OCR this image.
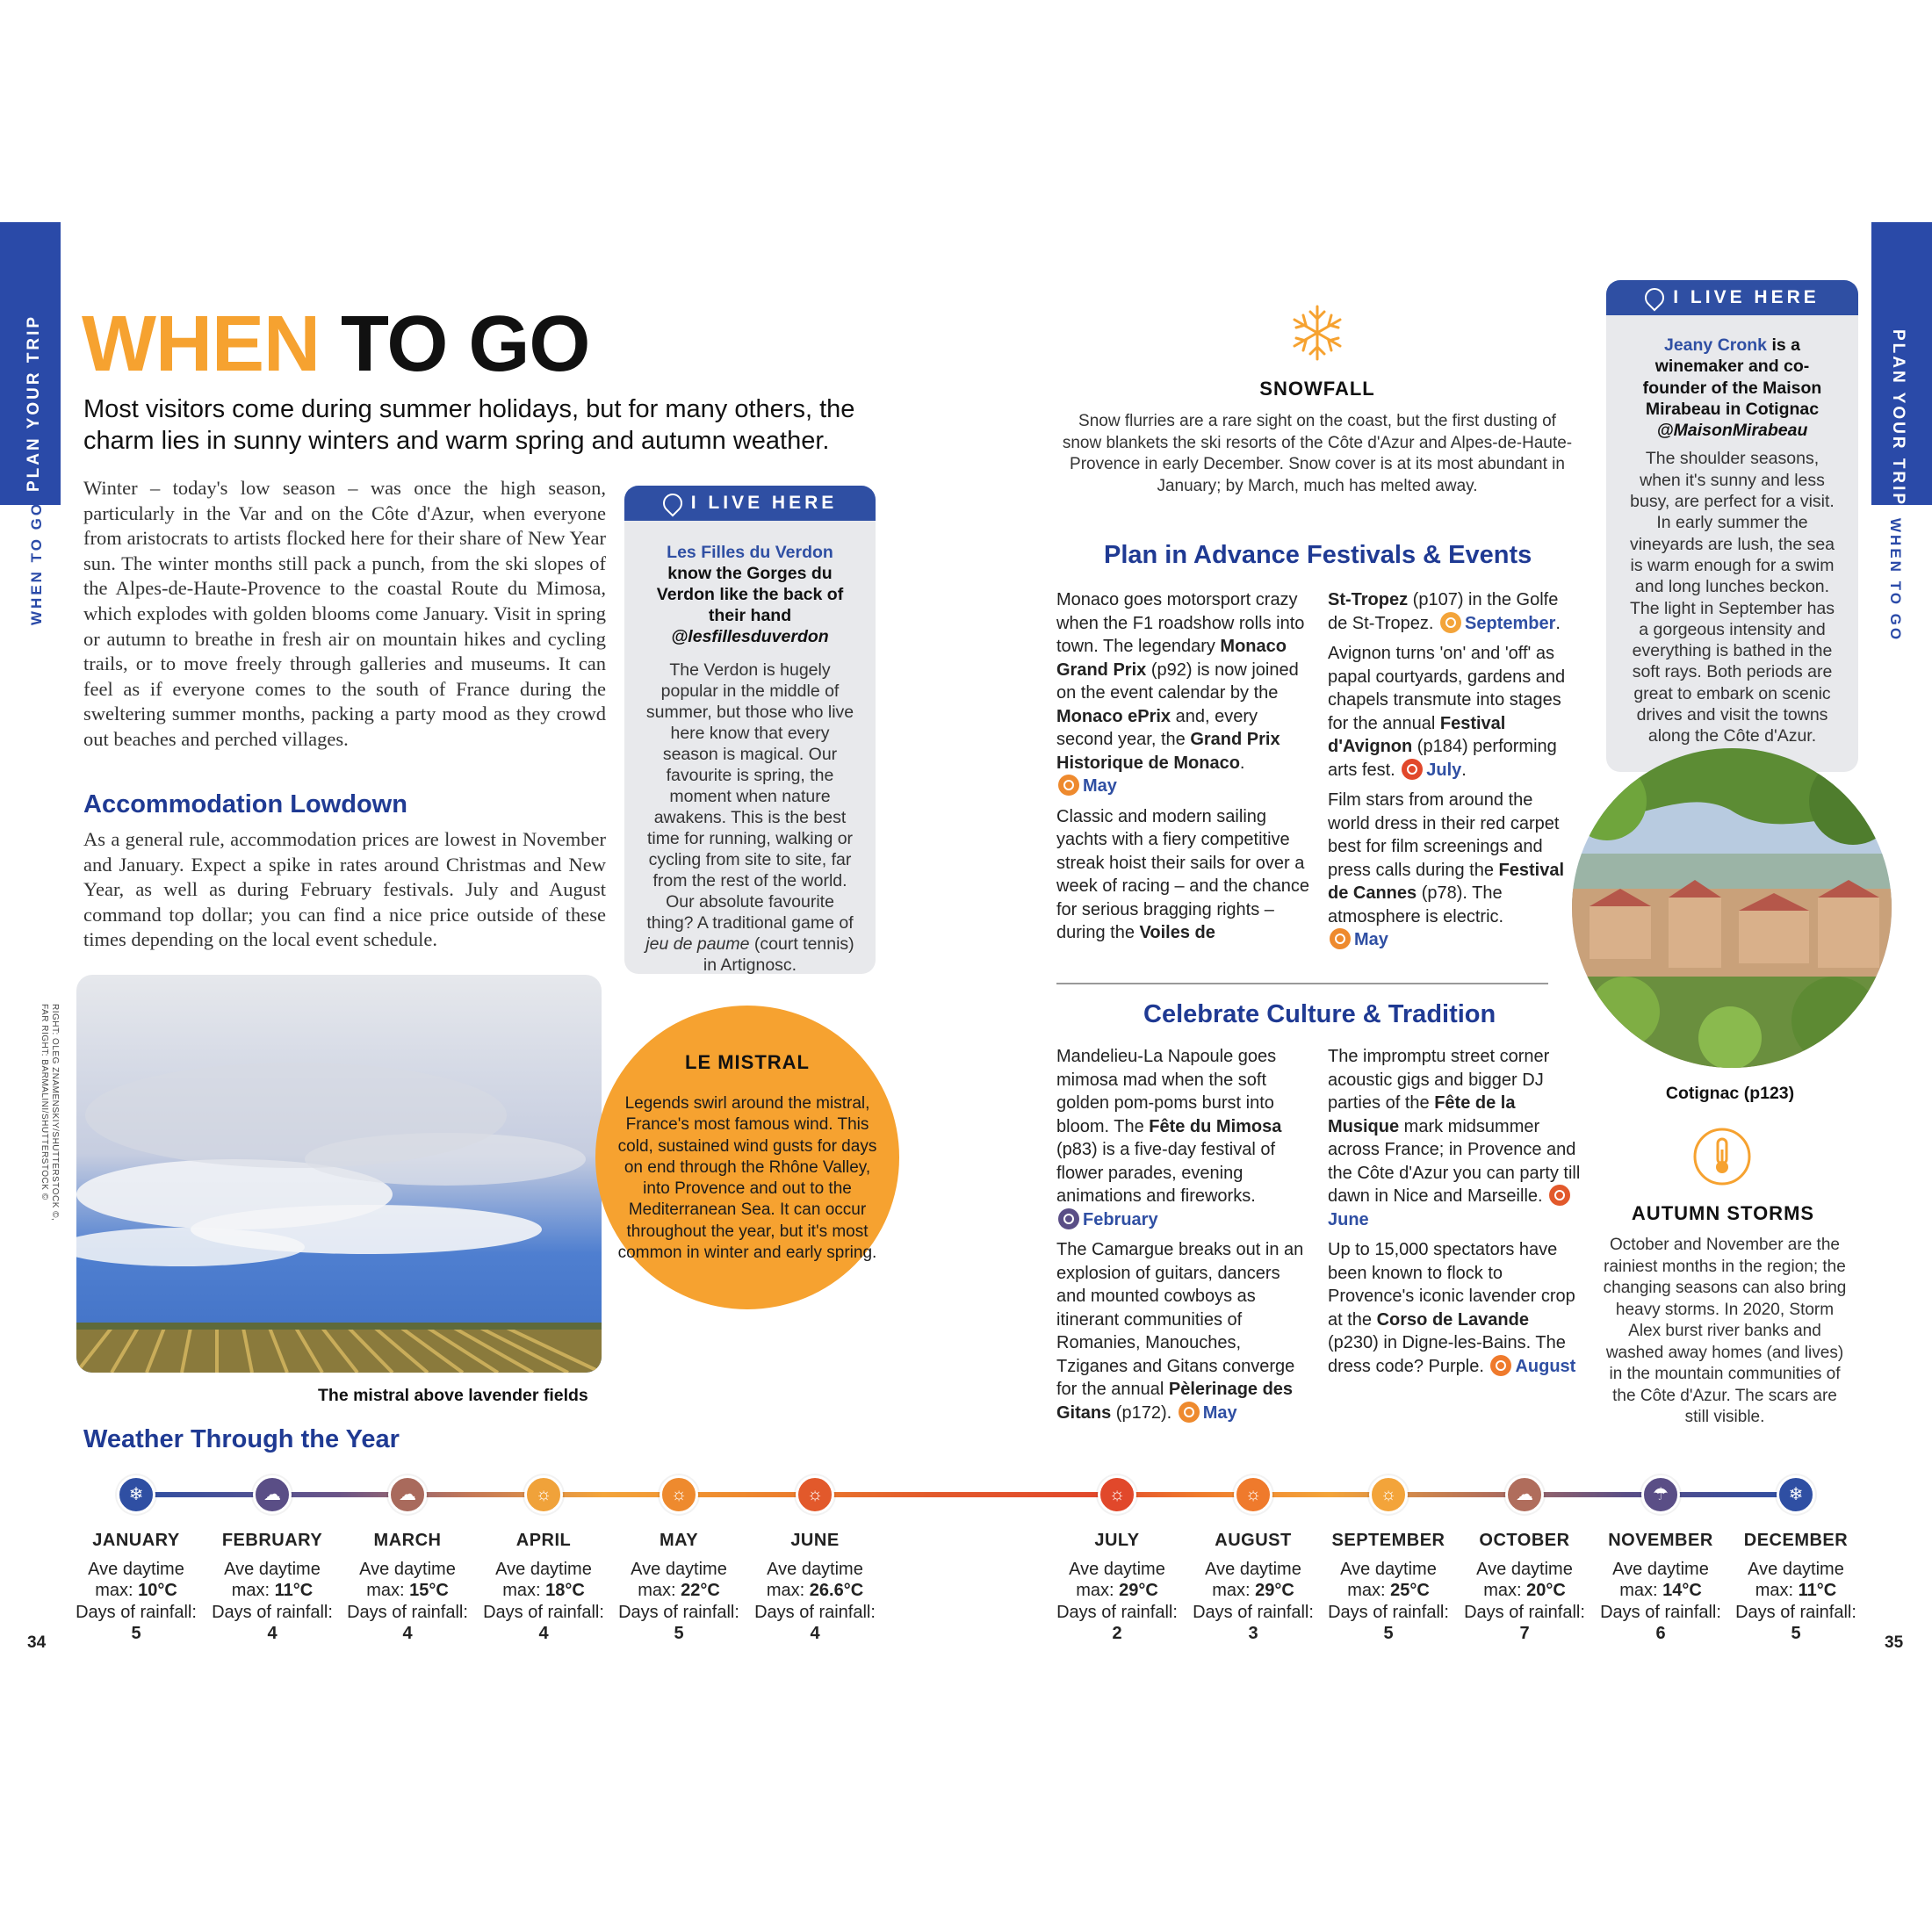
PLAN YOUR TRIP
WHEN TO GO
PLAN YOUR TRIP
WHEN TO GO
WHEN TO GO
Most visitors come during summer holidays, but for many others, the charm lies in sunny winters and warm spring and autumn weather.
Winter – today's low season – was once the high season, particularly in the Var and on the Côte d'Azur, when everyone from aristocrats to artists flocked here for their share of New Year sun. The winter months still pack a punch, from the ski slopes of the Alpes-de-Haute-Provence to the coastal Route du Mimosa, which explodes with golden blooms come January. Visit in spring or autumn to breathe in fresh air on mountain hikes and cycling trails, or to move freely through galleries and museums. It can feel as if everyone comes to the south of France during the sweltering summer months, packing a party mood as they crowd out beaches and perched villages.
Accommodation Lowdown
As a general rule, accommodation prices are lowest in November and January. Expect a spike in rates around Christmas and New Year, as well as during February festivals. July and August command top dollar; you can find a nice price outside of these times depending on the local event schedule.
I LIVE HERE
Les Filles du Verdon know the Gorges du Verdon like the back of their hand
@lesfillesduverdon
The Verdon is hugely popular in the middle of summer, but those who live here know that every season is magical. Our favourite is spring, the moment when nature awakens. This is the best time for running, walking or cycling from site to site, far from the rest of the world. Our absolute favourite thing? A traditional game of jeu de paume (court tennis) in Artignosc.
RIGHT: OLEG ZNAMENSKIY/SHUTTERSTOCK ©, FAR RIGHT: BARMALINI/SHUTTERSTOCK ©
The mistral above lavender fields
LE MISTRAL
Legends swirl around the mistral, France's most famous wind. This cold, sustained wind gusts for days on end through the Rhône Valley, into Provence and out to the Mediterranean Sea. It can occur throughout the year, but it's most common in winter and early spring.
SNOWFALL
Snow flurries are a rare sight on the coast, but the first dusting of snow blankets the ski resorts of the Côte d'Azur and Alpes-de-Haute-Provence in early December. Snow cover is at its most abundant in January; by March, much has melted away.
Plan in Advance Festivals & Events
Monaco goes motorsport crazy when the F1 roadshow rolls into town. The legendary Monaco Grand Prix (p92) is now joined on the event calendar by the Monaco ePrix and, every second year, the Grand Prix Historique de Monaco.
May
Classic and modern sailing yachts with a fiery competitive streak hoist their sails for over a week of racing – and the chance for serious bragging rights – during the Voiles de
St-Tropez (p107) in the Golfe de St-Tropez. September.
Avignon turns 'on' and 'off' as papal courtyards, gardens and chapels transmute into stages for the annual Festival d'Avignon (p184) performing arts fest. July.
Film stars from around the world dress in their red carpet best for film screenings and press calls during the Festival de Cannes (p78). The atmosphere is electric.
May
Celebrate Culture & Tradition
Mandelieu-La Napoule goes mimosa mad when the soft golden pom-poms burst into bloom. The Fête du Mimosa (p83) is a five-day festival of flower parades, evening animations and fireworks.
February
The Camargue breaks out in an explosion of guitars, dancers and mounted cowboys as itinerant communities of Romanies, Manouches, Tziganes and Gitans converge for the annual Pèlerinage des Gitans (p172). May
The impromptu street corner acoustic gigs and bigger DJ parties of the Fête de la Musique mark midsummer across France; in Provence and the Côte d'Azur you can party till dawn in Nice and Marseille. June
Up to 15,000 spectators have been known to flock to Provence's iconic lavender crop at the Corso de Lavande (p230) in Digne-les-Bains. The dress code? Purple. August
I LIVE HERE
Jeany Cronk is a winemaker and co-founder of the Maison Mirabeau in Cotignac
@MaisonMirabeau
The shoulder seasons, when it's sunny and less busy, are perfect for a visit. In early summer the vineyards are lush, the sea is warm enough for a swim and long lunches beckon. The light in September has a gorgeous intensity and everything is bathed in the soft rays. Both periods are great to embark on scenic drives and visit the towns along the Côte d'Azur.
Cotignac (p123)
AUTUMN STORMS
October and November are the rainiest months in the region; the changing seasons can also bring heavy storms. In 2020, Storm Alex burst river banks and washed away homes (and lives) in the mountain communities of the Côte d'Azur. The scars are still visible.
Weather Through the Year
❄
JANUARY
Ave daytime
max: 10°C
Days of rainfall:
5
☁
FEBRUARY
Ave daytime
max: 11°C
Days of rainfall:
4
☁
MARCH
Ave daytime
max: 15°C
Days of rainfall:
4
☼
APRIL
Ave daytime
max: 18°C
Days of rainfall:
4
☼
MAY
Ave daytime
max: 22°C
Days of rainfall:
5
☼
JUNE
Ave daytime
max: 26.6°C
Days of rainfall:
4
☼
JULY
Ave daytime
max: 29°C
Days of rainfall:
2
☼
AUGUST
Ave daytime
max: 29°C
Days of rainfall:
3
☼
SEPTEMBER
Ave daytime
max: 25°C
Days of rainfall:
5
☁
OCTOBER
Ave daytime
max: 20°C
Days of rainfall:
7
☂
NOVEMBER
Ave daytime
max: 14°C
Days of rainfall:
6
❄
DECEMBER
Ave daytime
max: 11°C
Days of rainfall:
5
34	35
